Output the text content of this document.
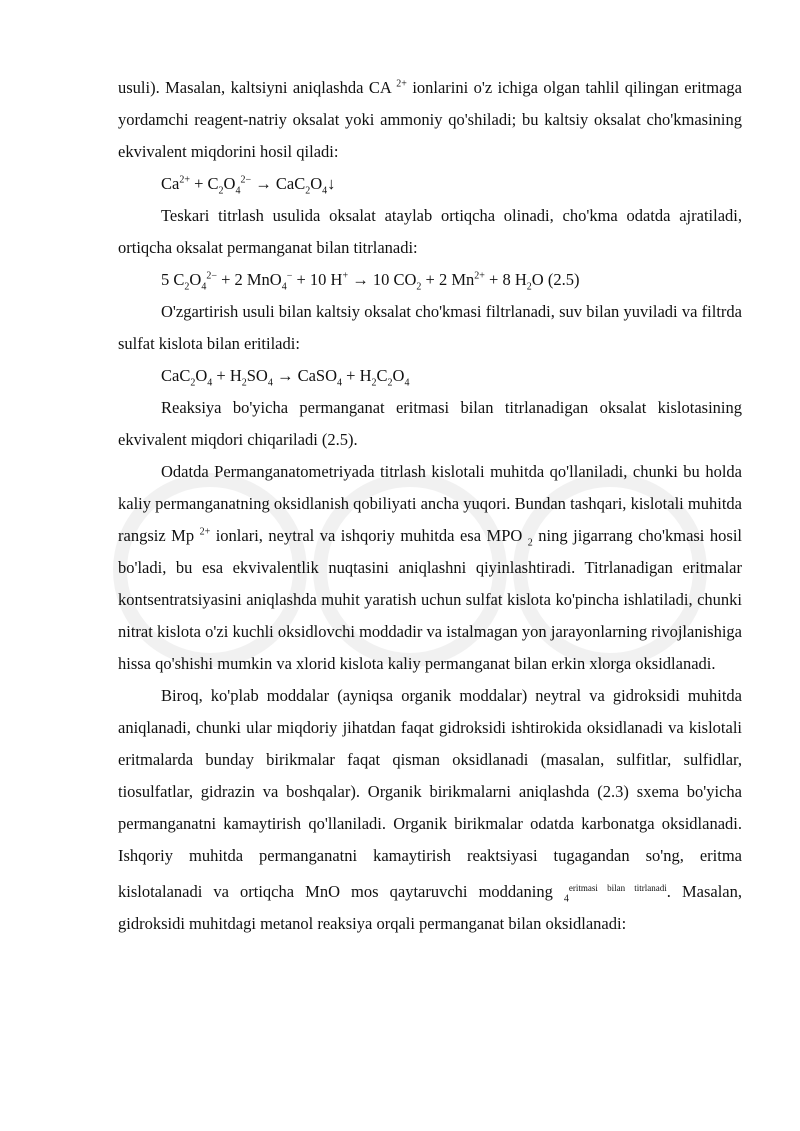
usuli). Masalan, kaltsiyni aniqlashda CA $^{2+}$ ionlarini o'z ichiga olgan tahlil qilingan eritmaga yordamchi reagent-natriy oksalat yoki ammoniy qo'shiladi; bu kaltsiy oksalat cho'kmasining ekvivalent miqdorini hosil qiladi:

$Ca^{2+} + C_2O_4^{2-}$ → $CaC_2O_4↓$

Teskari titrlash usulida oksalat ataylab ortiqcha olinadi, cho'kma odatda ajratiladi, ortiqcha oksalat permanganat bilan titrlanadi:

5 $C_2O_4^{2-} + 2$ MnO$_4$− + 10 H+ → 10 $CO_2 + 2$ $Mn^{2+} + 8$ $H_2O$ (2.5)

O'zgartirish usuli bilan kaltsiy oksalat cho'kmasi filtrlanadi, suv bilan yuviladi va filtrda sulfat kislota bilan eritiladi:

$CaC_2O_4 + H_2SO_4$ → CaSO$_4$ + $H_2C_2O_4$

Reaksiya bo'yicha permanganat eritmasi bilan titrlanadigan oksalat kislotasining ekvivalent miqdori chiqariladi (2.5).

Odatda Permanganatometriyada titrlash kislotali muhitda qo'llaniladi, chunki bu holda kaliy permanganatning oksidlanish qobiliyati ancha yuqori. Bundan tashqari, kislotali muhitda rangsiz Mp $^{2+}$ ionlari, neytral va ishqoriy muhitda esa MPO $_2$ ning jigarrang cho'kmasi hosil bo'ladi, bu esa ekvivalentlik nuqtasini aniqlashni qiyinlashtiradi. Titrlanadigan eritmalar kontsentratsiyasini aniqlashda muhit yaratish uchun sulfat kislota ko'pincha ishlatiladi, chunki nitrat kislota o'zi kuchli oksidlovchi moddadir va istalmagan yon jarayonlarning rivojlanishiga hissa qo'shishi mumkin va xlorid kislota kaliy permanganat bilan erkin xlorga oksidlanadi.

Biroq, ko'plab moddalar (ayniqsa organik moddalar) neytral va gidroksidi muhitda aniqlanadi, chunki ular miqdoriy jihatdan faqat gidroksidi ishtirokida oksidlanadi va kislotali eritmalarda bunday birikmalar faqat qisman oksidlanadi (masalan, sulfitlar, sulfidlar, tiosulfatlar, gidrazin va boshqalar). Organik birikmalarni aniqlashda (2.3) sxema bo'yicha permanganatni kamaytirish qo'llaniladi. Organik birikmalar odatda karbonatga oksidlanadi. Ishqoriy muhitda permanganatni kamaytirish reaktsiyasi tugagandan so'ng, eritma kislotalanadi va ortiqcha MnO mos qaytaruvchi moddaning $_4^{eritmasi bilan titrlanadi}$. Masalan, gidroksidi muhitdagi metanol reaksiya orqali permanganat bilan oksidlanadi:
